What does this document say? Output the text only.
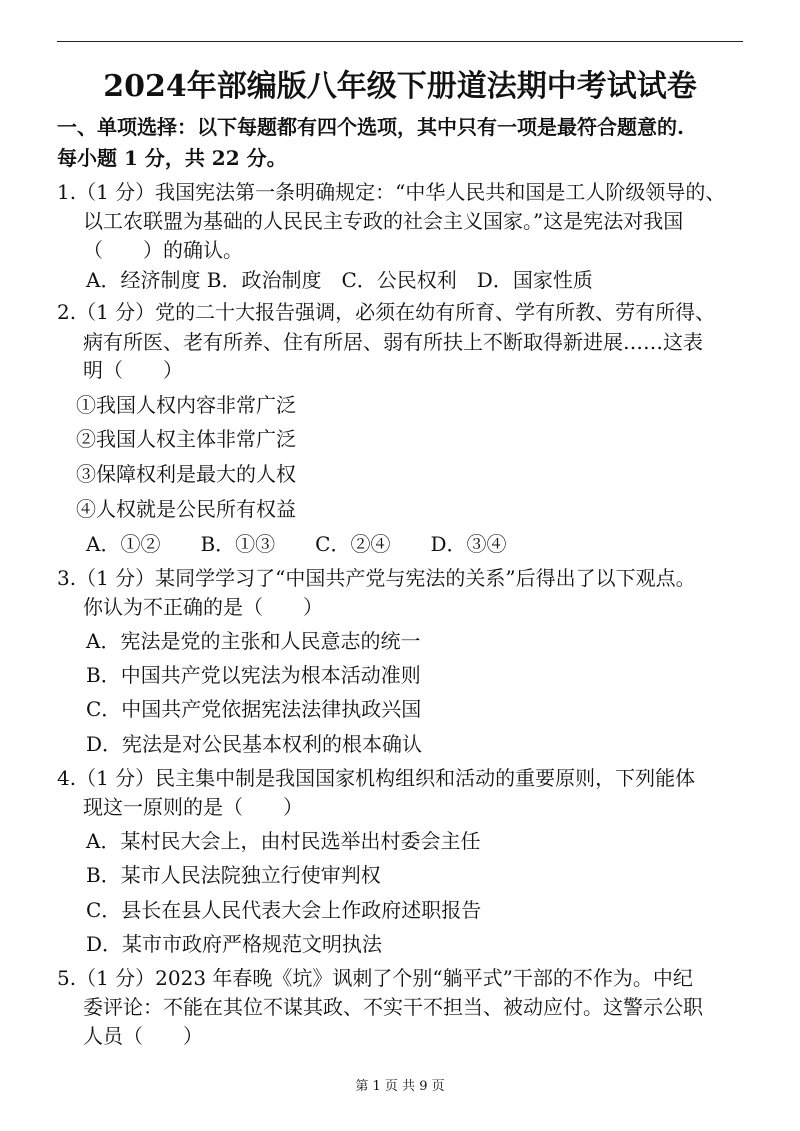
2024年部编版八年级下册道法期中考试试卷
一、单项选择：以下每题都有四个选项，其中只有一项是最符合题意的.
每小题 1 分，共 22 分。
1.（1 分）我国宪法第一条明确规定：“中华人民共和国是工人阶级领导的、
以工农联盟为基础的人民民主专政的社会主义国家。”这是宪法对我国
（　　）的确认。
A．经济制度 B．政治制度　C．公民权利　D．国家性质
2.（1 分）党的二十大报告强调，必须在幼有所育、学有所教、劳有所得、
病有所医、老有所养、住有所居、弱有所扶上不断取得新进展……这表
明（　　）
①我国人权内容非常广泛
②我国人权主体非常广泛
③保障权利是最大的人权
④人权就是公民所有权益
A．①②　　B．①③　　C．②④　　D．③④
3.（1 分）某同学学习了“中国共产党与宪法的关系”后得出了以下观点。
你认为不正确的是（　　）
A．宪法是党的主张和人民意志的统一
B．中国共产党以宪法为根本活动准则
C．中国共产党依据宪法法律执政兴国
D．宪法是对公民基本权利的根本确认
4.（1 分）民主集中制是我国国家机构组织和活动的重要原则，下列能体
现这一原则的是（　　）
A．某村民大会上，由村民选举出村委会主任
B．某市人民法院独立行使审判权
C．县长在县人民代表大会上作政府述职报告
D．某市市政府严格规范文明执法
5.（1 分）2023 年春晚《坑》讽刺了个别“躺平式”干部的不作为。中纪
委评论：不能在其位不谋其政、不实干不担当、被动应付。这警示公职
人员（　　）
第 1 页 共 9 页
